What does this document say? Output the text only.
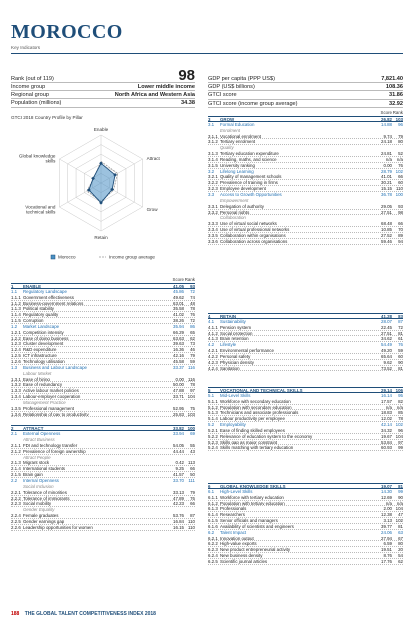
MOROCCO
Key Indicators
Rank (out of 119)	98
Income group	Lower middle income
Regional group	North Africa and Western Asia
Population (millions)	34.38
GDP per capita (PPP US$)	7,821.40
GDP (US$ billions)	108.36
GTCI score	31.86
GTCI score (income group average)	32.92
GTCI 2018 Country Profile by Pillar
Enable
Attract
Grow
Retain
Vocational and technical skills
Global knowledge skills
Morocco	Income group average
Score Rank
1	ENABLE	41.05	93
1.1	Regulatory Landscape	45.86	72
1.1.1 Government effectiveness	49.62	74
1.1.2 Business-government relations	63.01	48
1.1.3 Political stability	35.58	78
1.1.4 Regulatory quality	41.02	76
1.1.5 Corruption	38.26	72
1.2	Market Landscape	35.94	86
1.2.1 Competition intensity	66.29	65
1.2.2 Ease of doing business	63.63	62
1.2.3 Cluster development	39.63	73
1.2.4 R&D expenditure	16.36	46
1.2.5 ICT infrastructure	42.16	79
1.2.6 Technology utilisation	45.58	59
1.3	Business and Labour Landscape	33.37 116
Labour Market
1.3.1 Ease of hiring	0.00 116
1.3.2 Ease of redundancy	50.00	78
1.3.3 Active labour market policies	47.88	97
1.3.4 Labour-employer cooperation	33.71 104
Management Practice
1.3.5 Professional management	52.95	75
1.3.6 Relationship of pay to productivity	25.83 103
2	ATTRACT	33.82 100
2.1	External Openness	33.94	69
Attract Business
2.1.1 FDI and technology transfer	54.05	55
2.1.2 Prevalence of foreign ownership	44.44	43
Attract People
2.1.3 Migrant stock	0.42 113
2.1.4 International students	9.25	66
2.1.5 Brain gain	41.57	50
2.2	Internal Openness	33.70 111
Social Inclusion
2.2.1 Tolerance of minorities	33.13	79
2.2.2 Tolerance of immigrants	47.89	76
2.2.3 Social mobility	42.23	66
Gender Equality
2.2.4 Female graduates	53.76	87
2.2.5 Gender earnings gap	16.84 110
2.2.6 Leadership opportunities for women	16.15 110
Score Rank
3	GROW	26.82 103
3.1	Formal Education	14.88	96
Enrolment
3.1.1 Vocational enrolment	9.74	79
3.1.2 Tertiary enrolment	24.18	80
Quality
3.1.3 Tertiary education expenditure	24.81	52
3.1.4 Reading, maths, and science	n/a	n/a
3.1.5 University ranking	0.00	76
3.2	Lifelong Learning	28.79 102
3.2.1 Quality of management schools	41.01	66
3.2.2 Prevalence of training in firms	30.21	60
3.2.3 Employee development	15.15 110
3.3	Access to Growth Opportunities	36.78 100
Empowerment
3.3.1 Delegation of authority	29.05	93
3.3.2 Personal rights	27.51	98
Collaboration
3.3.3 Use of virtual social networks	68.48	66
3.3.4 Use of virtual professional networks	10.85	70
3.3.5 Collaboration within organisations	27.52	89
3.3.6 Collaboration across organisations	59.46	94
4	RETAIN	41.28	83
4.1	Sustainability	28.07	87
4.1.1 Pension system	22.45	72
4.1.2 Social protection	27.51	81
4.1.3 Brain retention	34.62	61
4.2	Lifestyle	54.49	76
4.2.1 Environmental performance	49.20	59
4.2.2 Personal safety	65.64	60
4.2.3 Physician density	9.62	90
4.2.4 Sanitation	73.52	81
5	VOCATIONAL AND TECHNICAL SKILLS	29.14 106
5.1	Mid-Level Skills	16.14	95
5.1.1 Workforce with secondary education	17.57	82
5.1.2 Population with secondary education	n/a	n/a
5.1.3 Technicians and associate professionals	18.83	85
5.1.4 Labour productivity per employee	12.02	78
5.2	Employability	42.14 102
5.2.1 Ease of finding skilled employees	34.32	96
5.2.2 Relevance of education system to the economy	19.67 104
5.2.3 Skills gap as major constraint	53.84	97
5.2.4 Skills matching with tertiary education	60.93	99
6	GLOBAL KNOWLEDGE SKILLS	19.07	81
6.1	High-Level Skills	14.30	99
6.1.1 Workforce with tertiary education	12.69	90
6.1.2 Population with tertiary education	n/a	n/a
6.1.3 Professionals	2.00 104
6.1.4 Researchers	12.38	47
6.1.5 Senior officials and managers	3.13 102
6.1.6 Availability of scientists and engineers	39.77	81
6.2	Talent Impact	24.06	63
6.2.1 Innovation output	27.94	67
6.2.2 High-value exports	6.59	80
6.2.3 New product entrepreneurial activity	19.51	20
6.2.4 New business density	8.76	54
6.2.5 Scientific journal articles	17.76	62
188 THE GLOBAL TALENT COMPETITIVENESS INDEX 2018
